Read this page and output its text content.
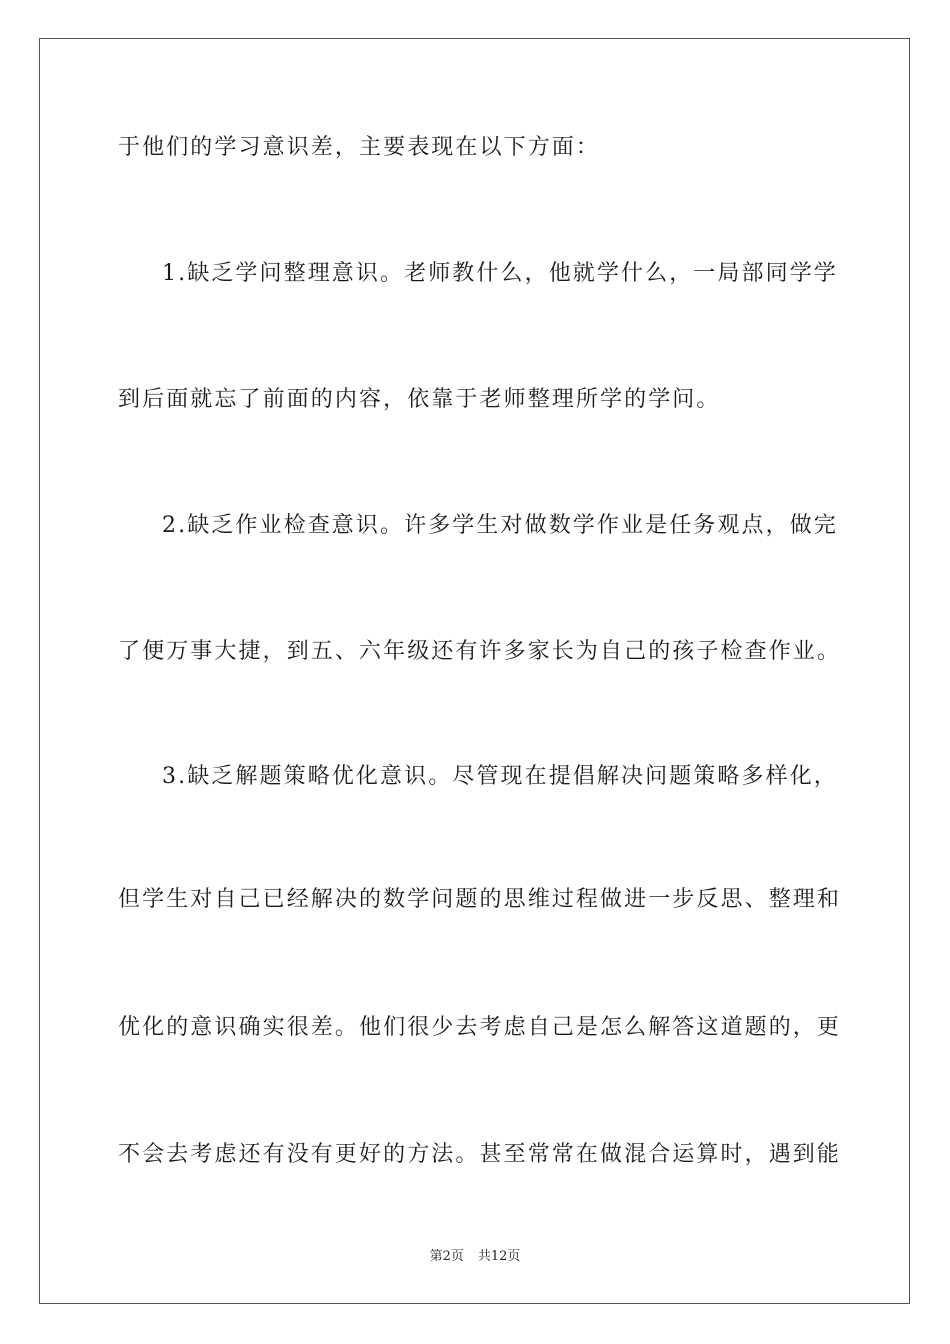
于他们的学习意识差，主要表现在以下方面：
1.缺乏学问整理意识。老师教什么，他就学什么，一局部同学学
到后面就忘了前面的内容，依靠于老师整理所学的学问。
2.缺乏作业检查意识。许多学生对做数学作业是任务观点，做完
了便万事大捷，到五、六年级还有许多家长为自己的孩子检查作业。
3.缺乏解题策略优化意识。尽管现在提倡解决问题策略多样化，
但学生对自己已经解决的数学问题的思维过程做进一步反思、整理和
优化的意识确实很差。他们很少去考虑自己是怎么解答这道题的，更
不会去考虑还有没有更好的方法。甚至常常在做混合运算时，遇到能
第2页 共12页
